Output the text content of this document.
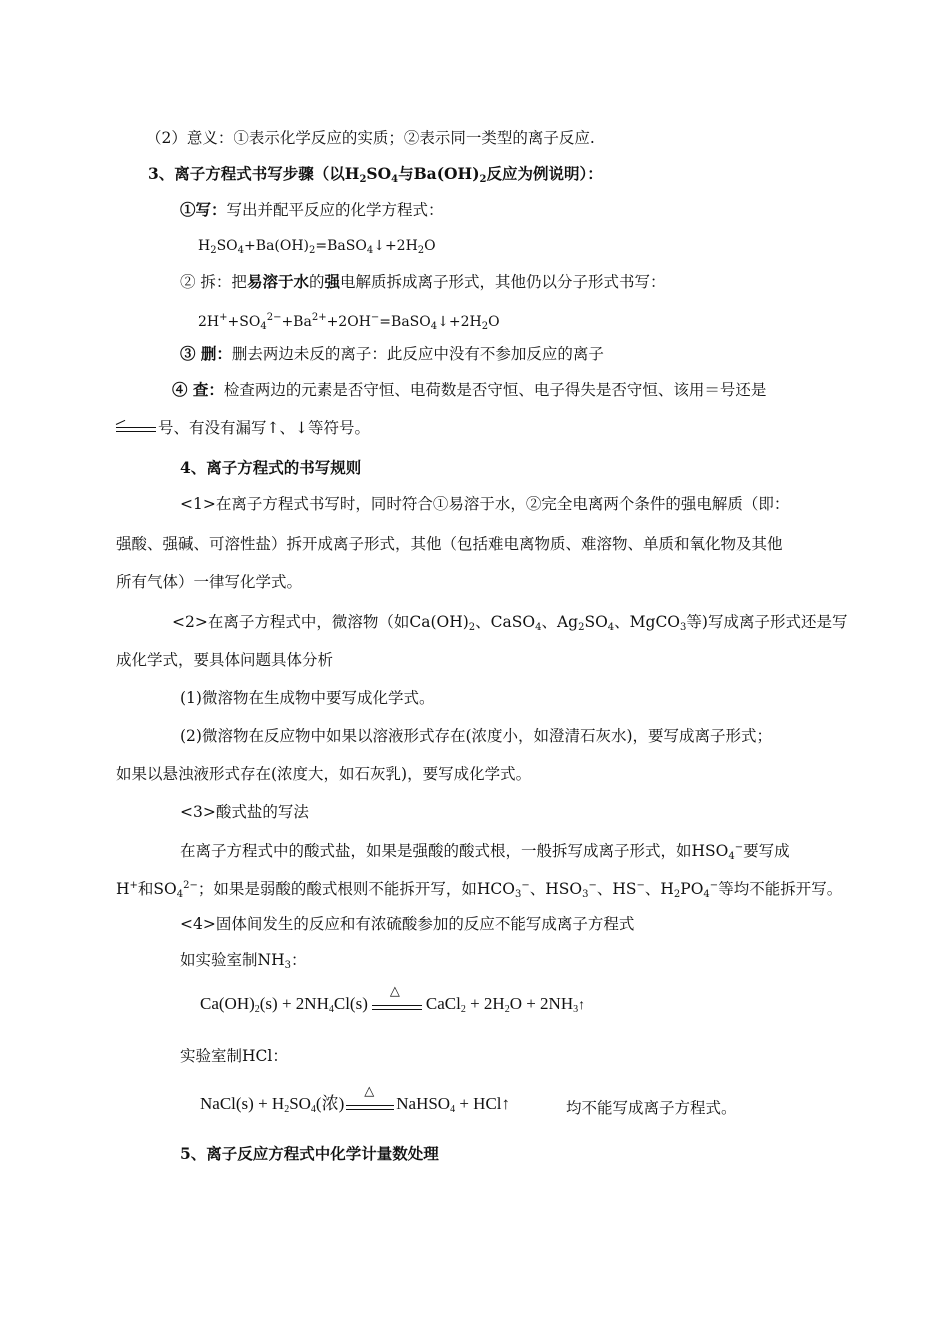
（2）意义：①表示化学反应的实质；②表示同一类型的离子反应.
3、离子方程式书写步骤（以$H_2SO_4$与$Ba(OH)_2$反应为例说明）：
①写：写出并配平反应的化学方程式：
$H_2SO_4+Ba(OH)_2=BaSO_4↓+2H_2O$
② 拆：把易溶于水的强电解质拆成离子形式，其他仍以分子形式书写：
$2H^++SO_4^{2-}+Ba^{2+}+2OH^-=BaSO_4↓+2H_2O$
③ 删：删去两边未反的离子：此反应中没有不参加反应的离子
④ 查：检查两边的元素是否守恒、电荷数是否守恒、电子得失是否守恒、该用＝号还是
号、有没有漏写↑、↓等符号。
4、离子方程式的书写规则
<1>在离子方程式书写时，同时符合①易溶于水，②完全电离两个条件的强电解质（即：
强酸、强碱、可溶性盐）拆开成离子形式，其他（包括难电离物质、难溶物、单质和氧化物及其他
所有气体）一律写化学式。
<2>在离子方程式中，微溶物（如$Ca(OH)_2$、CaSO$_4$、$Ag_2SO_4$、MgCO$_3$等)写成离子形式还是写
成化学式，要具体问题具体分析
(1)微溶物在生成物中要写成化学式。
(2)微溶物在反应物中如果以溶液形式存在(浓度小，如澄清石灰水)，要写成离子形式；
如果以悬浊液形式存在(浓度大，如石灰乳)，要写成化学式。
<3>酸式盐的写法
在离子方程式中的酸式盐，如果是强酸的酸式根，一般拆写成离子形式，如$HSO_4^-$要写成
H+和$SO_4^{2-}$；如果是弱酸的酸式根则不能拆开写，如$HCO_3^-$、$HSO_3^-$、HS−、$H_2PO_4^-$等均不能拆开写。
<4>固体间发生的反应和有浓硫酸参加的反应不能写成离子方程式
如实验室制$NH_3$：
$Ca(OH)_2(s) + 2NH_4Cl(s)$
△
CaCl$_2$ + $2H_2O$ + $2NH_3↑$
实验室制HCl：
NaCl(s) + $H_2SO_4$(浓)
△
NaHSO$_4$ + HCl↑	均不能写成离子方程式。
5、离子反应方程式中化学计量数处理
